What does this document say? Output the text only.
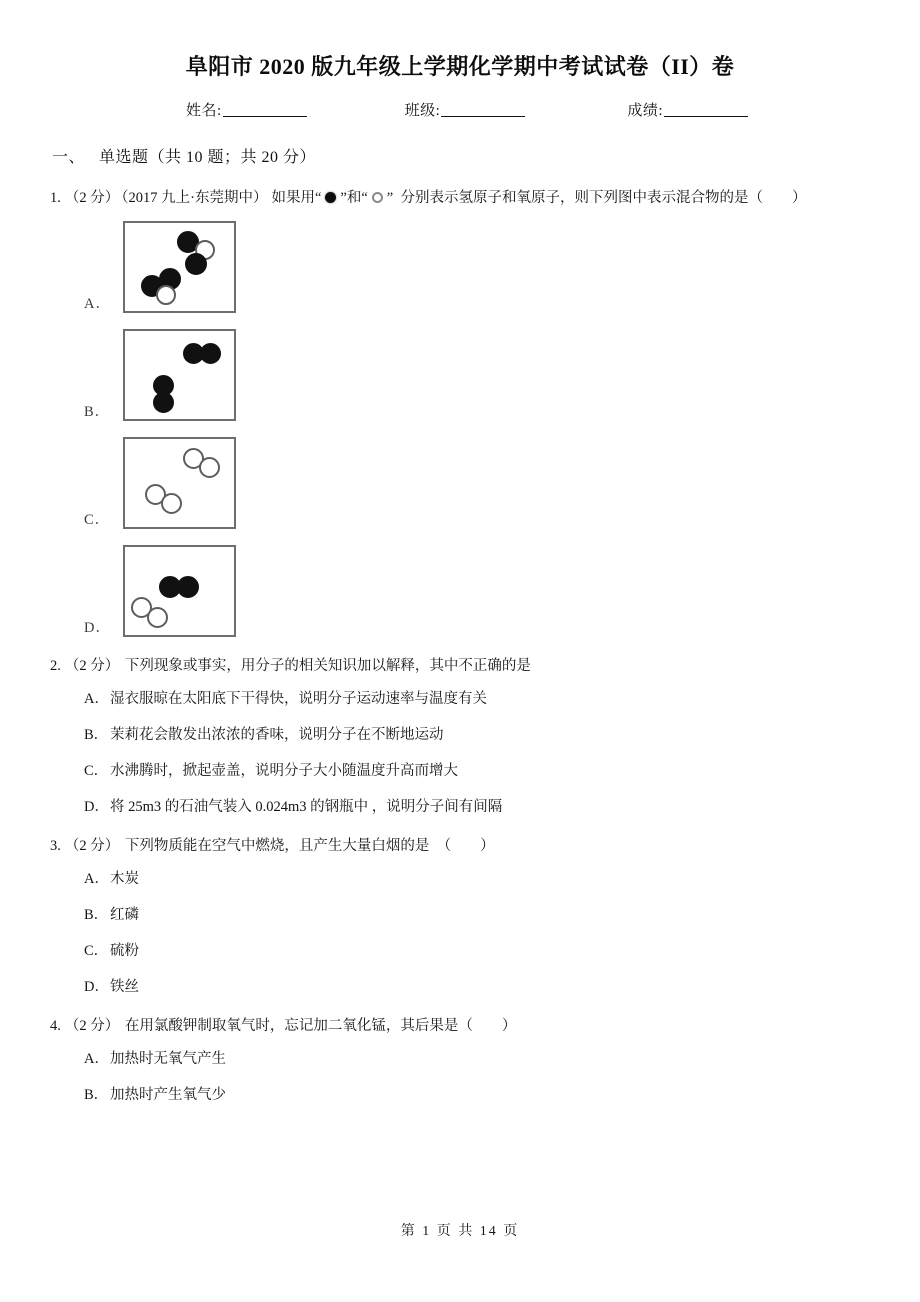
阜阳市 2020 版九年级上学期化学期中考试试卷（II）卷
姓名:	班级:	成绩:
一、 单选题（共 10 题；共 20 分）
1. （2 分） （2017 九上·东莞期中） 如果用“ ”和“ ” 分别表示氢原子和氧原子，则下列图中表示混合物的是（　　）
A．
B．
C．
D．
2. （2 分） 下列现象或事实，用分子的相关知识加以解释，其中不正确的是
A．湿衣服晾在太阳底下干得快，说明分子运动速率与温度有关
B． 茉莉花会散发出浓浓的香味，说明分子在不断地运动
C． 水沸腾时，掀起壶盖，说明分子大小随温度升高而增大
D．将 25m3 的石油气装入 0.024m3 的钢瓶中 ，说明分子间有间隔
3. （2 分） 下列物质能在空气中燃烧，且产生大量白烟的是　（　　）
A．木炭
B． 红磷
C． 硫粉
D．铁丝
4. （2 分） 在用氯酸钾制取氧气时，忘记加二氧化锰，其后果是（　　）
A．加热时无氧气产生
B． 加热时产生氧气少
第 1 页 共 14 页
